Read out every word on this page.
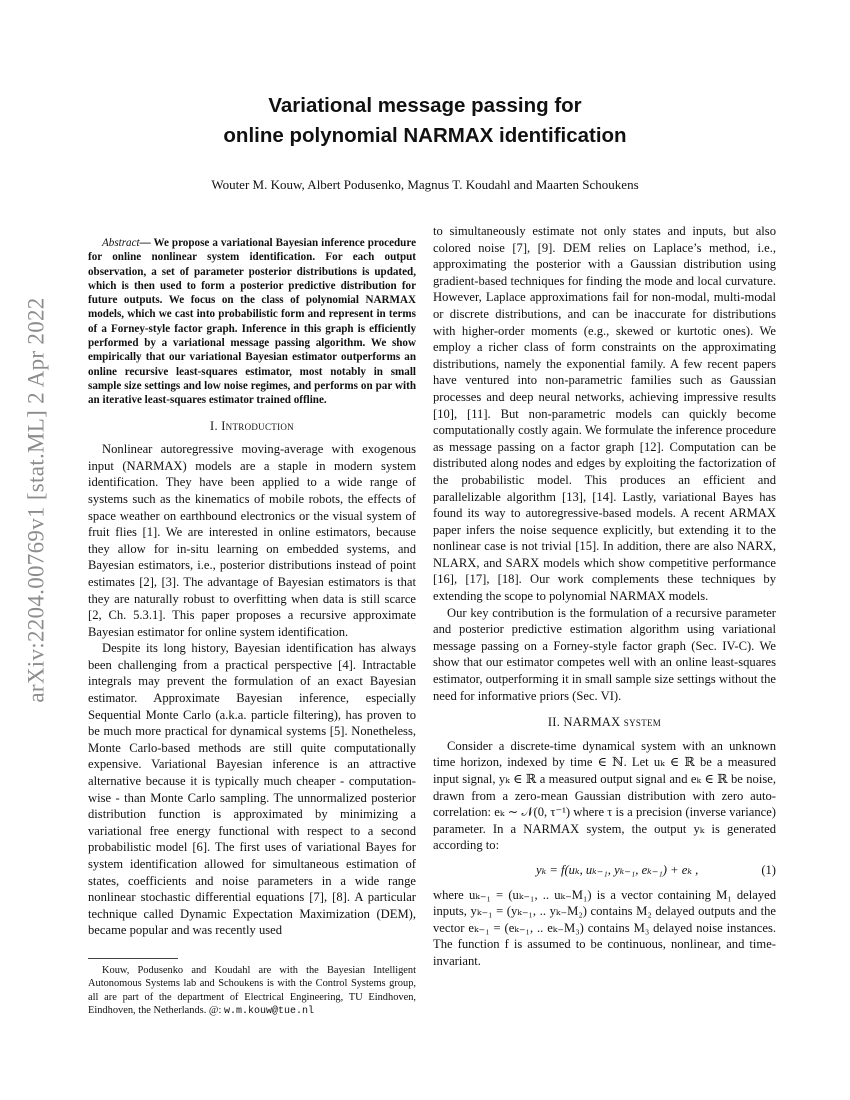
arXiv:2204.00769v1 [stat.ML] 2 Apr 2022
Variational message passing for
online polynomial NARMAX identification
Wouter M. Kouw, Albert Podusenko, Magnus T. Koudahl and Maarten Schoukens

Abstract— We propose a variational Bayesian inference procedure for online nonlinear system identification. For each output observation, a set of parameter posterior distributions is updated, which is then used to form a posterior predictive distribution for future outputs. We focus on the class of polynomial NARMAX models, which we cast into probabilistic form and represent in terms of a Forney-style factor graph. Inference in this graph is efficiently performed by a variational message passing algorithm. We show empirically that our variational Bayesian estimator outperforms an online recursive least-squares estimator, most notably in small sample size settings and low noise regimes, and performs on par with an iterative least-squares estimator trained offline.

I. Introduction

Nonlinear autoregressive moving-average with exogenous input (NARMAX) models are a staple in modern system identification. They have been applied to a wide range of systems such as the kinematics of mobile robots, the effects of space weather on earthbound electronics or the visual system of fruit flies [1]. We are interested in online estimators, because they allow for in-situ learning on embedded systems, and Bayesian estimators, i.e., posterior distributions instead of point estimates [2], [3]. The advantage of Bayesian estimators is that they are naturally robust to overfitting when data is still scarce [2, Ch. 5.3.1]. This paper proposes a recursive approximate Bayesian estimator for online system identification.

Despite its long history, Bayesian identification has always been challenging from a practical perspective [4]. Intractable integrals may prevent the formulation of an exact Bayesian estimator. Approximate Bayesian inference, especially Sequential Monte Carlo (a.k.a. particle filtering), has proven to be much more practical for dynamical systems [5]. Nonetheless, Monte Carlo-based methods are still quite computationally expensive. Variational Bayesian inference is an attractive alternative because it is typically much cheaper - computation-wise - than Monte Carlo sampling. The unnormalized posterior distribution function is approximated by minimizing a variational free energy functional with respect to a second probabilistic model [6]. The first uses of variational Bayes for system identification allowed for simultaneous estimation of states, coefficients and noise parameters in a wide range nonlinear stochastic differential equations [7], [8]. A particular technique called Dynamic Expectation Maximization (DEM), became popular and was recently used

Kouw, Podusenko and Koudahl are with the Bayesian Intelligent Autonomous Systems lab and Schoukens is with the Control Systems group, all are part of the department of Electrical Engineering, TU Eindhoven, Eindhoven, the Netherlands. @: w.m.kouw@tue.nl

to simultaneously estimate not only states and inputs, but also colored noise [7], [9]. DEM relies on Laplace’s method, i.e., approximating the posterior with a Gaussian distribution using gradient-based techniques for finding the mode and local curvature. However, Laplace approximations fail for non-modal, multi-modal or discrete distributions, and can be inaccurate for distributions with higher-order moments (e.g., skewed or kurtotic ones). We employ a richer class of form constraints on the approximating distributions, namely the exponential family. A few recent papers have ventured into non-parametric families such as Gaussian processes and deep neural networks, achieving impressive results [10], [11]. But non-parametric models can quickly become computationally costly again. We formulate the inference procedure as message passing on a factor graph [12]. Computation can be distributed along nodes and edges by exploiting the factorization of the probabilistic model. This produces an efficient and parallelizable algorithm [13], [14]. Lastly, variational Bayes has found its way to autoregressive-based models. A recent ARMAX paper infers the noise sequence explicitly, but extending it to the nonlinear case is not trivial [15]. In addition, there are also NARX, NLARX, and SARX models which show competitive performance [16], [17], [18]. Our work complements these techniques by extending the scope to polynomial NARMAX models.

Our key contribution is the formulation of a recursive parameter and posterior predictive estimation algorithm using variational message passing on a Forney-style factor graph (Sec. IV-C). We show that our estimator competes well with an online least-squares estimator, outperforming it in small sample size settings without the need for informative priors (Sec. VI).

II. NARMAX system

Consider a discrete-time dynamical system with an unknown time horizon, indexed by time ∈ ℕ. Let uₖ ∈ ℝ be a measured input signal, yₖ ∈ ℝ a measured output signal and eₖ ∈ ℝ be noise, drawn from a zero-mean Gaussian distribution with zero auto-correlation: eₖ ∼ 𝒩(0, τ⁻¹) where τ is a precision (inverse variance) parameter. In a NARMAX system, the output yₖ is generated according to:

yₖ = f(uₖ, uₖ₋₁, yₖ₋₁, eₖ₋₁) + eₖ ,	(1)

where uₖ₋₁ = (uₖ₋₁, .. uₖ₋M₁) is a vector containing M₁ delayed inputs, yₖ₋₁ = (yₖ₋₁, .. yₖ₋M₂) contains M₂ delayed outputs and the vector eₖ₋₁ = (eₖ₋₁, .. eₖ₋M₃) contains M₃ delayed noise instances. The function f is assumed to be continuous, nonlinear, and time-invariant.
